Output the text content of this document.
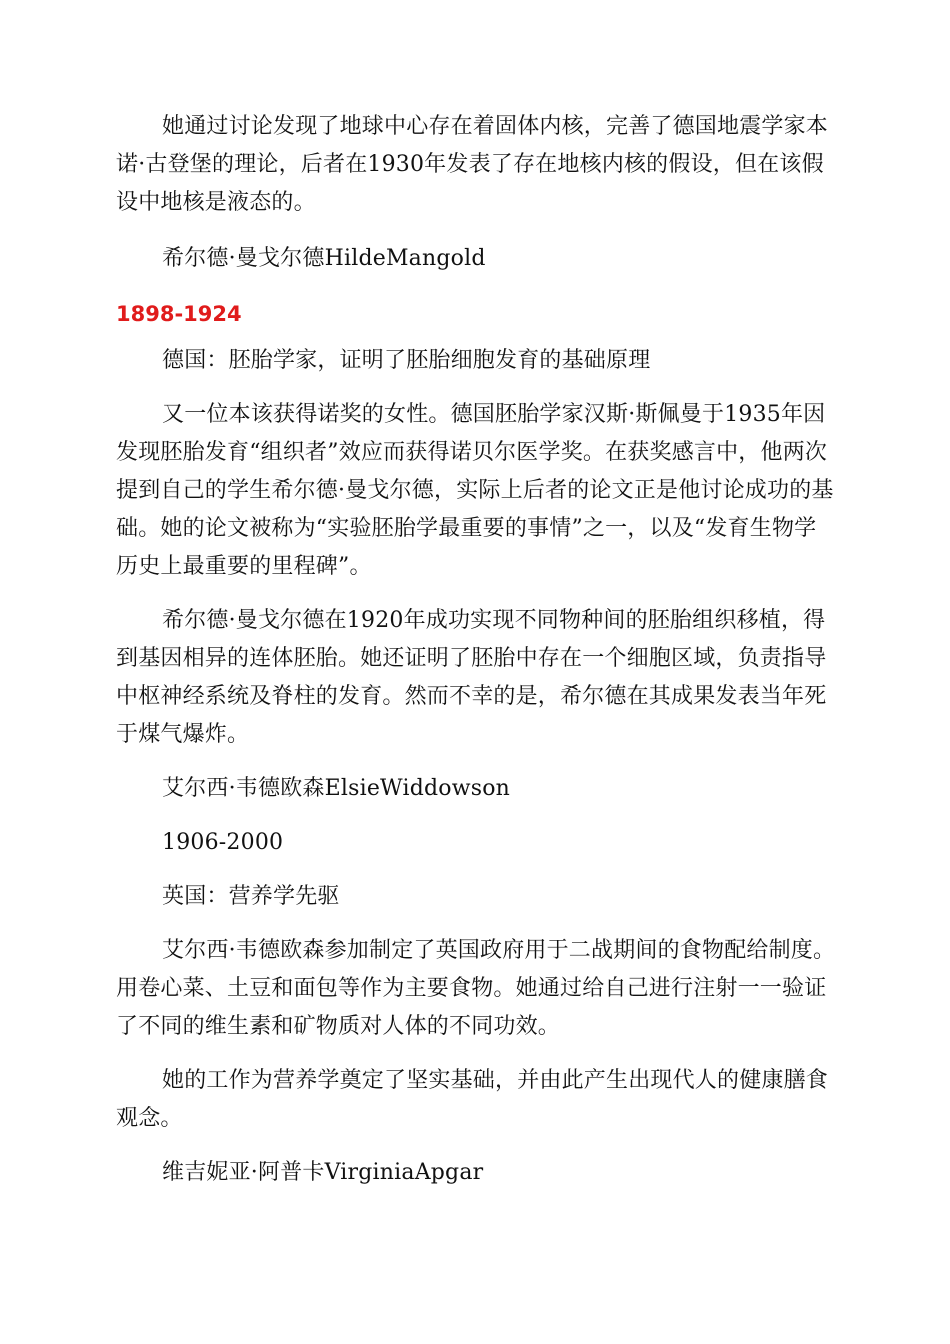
她通过讨论发现了地球中心存在着固体内核，完善了德国地震学家本诺·古登堡的理论，后者在1930年发表了存在地核内核的假设，但在该假设中地核是液态的。

希尔德·曼戈尔德HildeMangold

1898-1924

德国：胚胎学家，证明了胚胎细胞发育的基础原理

又一位本该获得诺奖的女性。德国胚胎学家汉斯·斯佩曼于1935年因发现胚胎发育“组织者”效应而获得诺贝尔医学奖。在获奖感言中，他两次提到自己的学生希尔德·曼戈尔德，实际上后者的论文正是他讨论成功的基础。她的论文被称为“实验胚胎学最重要的事情”之一，以及“发育生物学历史上最重要的里程碑”。

希尔德·曼戈尔德在1920年成功实现不同物种间的胚胎组织移植，得到基因相异的连体胚胎。她还证明了胚胎中存在一个细胞区域，负责指导中枢神经系统及脊柱的发育。然而不幸的是，希尔德在其成果发表当年死于煤气爆炸。

艾尔西·韦德欧森ElsieWiddowson

1906-2000

英国：营养学先驱

艾尔西·韦德欧森参加制定了英国政府用于二战期间的食物配给制度。用卷心菜、土豆和面包等作为主要食物。她通过给自己进行注射一一验证了不同的维生素和矿物质对人体的不同功效。

她的工作为营养学奠定了坚实基础，并由此产生出现代人的健康膳食观念。

维吉妮亚·阿普卡VirginiaApgar
